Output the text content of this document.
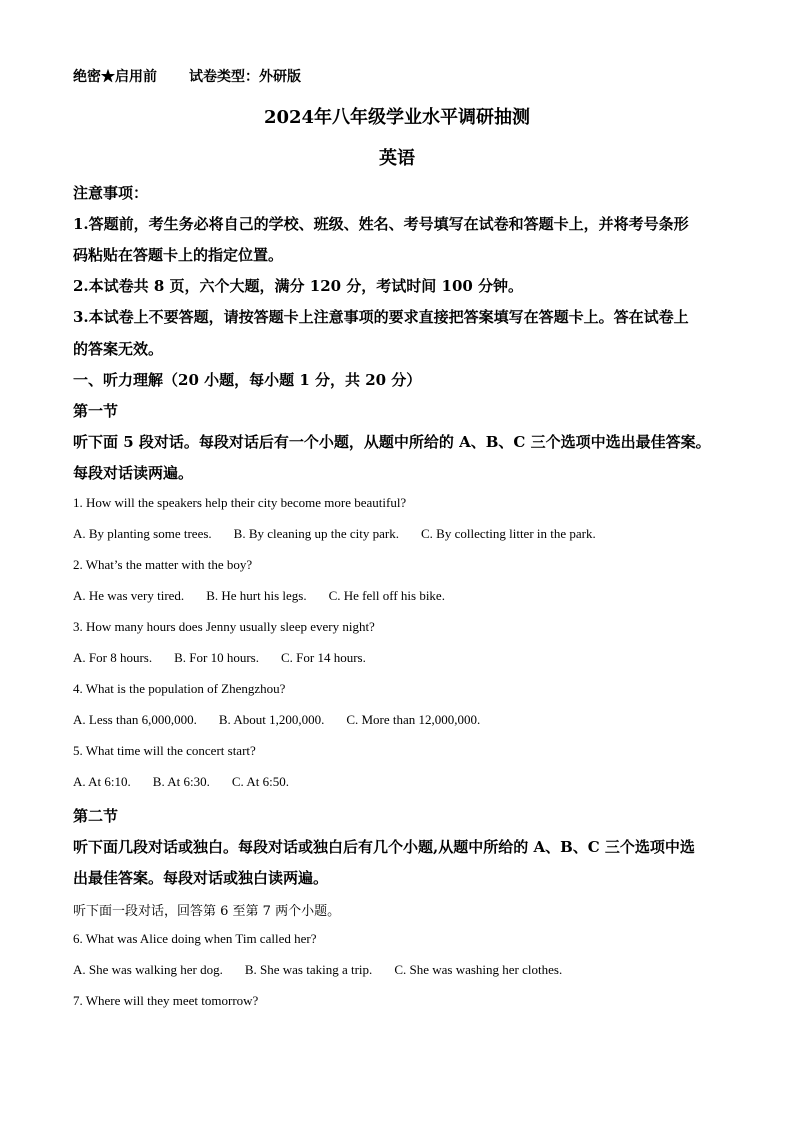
绝密★启用前 试卷类型：外研版
2024年八年级学业水平调研抽测
英语
注意事项：
1.答题前，考生务必将自己的学校、班级、姓名、考号填写在试卷和答题卡上，并将考号条形
码粘贴在答题卡上的指定位置。
2.本试卷共 8 页，六个大题，满分 120 分，考试时间 100 分钟。
3.本试卷上不要答题，请按答题卡上注意事项的要求直接把答案填写在答题卡上。答在试卷上
的答案无效。
一、听力理解（20 小题，每小题 1 分，共 20 分）
第一节
听下面 5 段对话。每段对话后有一个小题，从题中所给的 A、B、C 三个选项中选出最佳答案。
每段对话读两遍。
1. How will the speakers help their city become more beautiful?
A. By planting some trees. B. By cleaning up the city park. C. By collecting litter in the park.
2. What’s the matter with the boy?
A. He was very tired. B. He hurt his legs. C. He fell off his bike.
3. How many hours does Jenny usually sleep every night?
A. For 8 hours. B. For 10 hours. C. For 14 hours.
4. What is the population of Zhengzhou?
A. Less than 6,000,000. B. About 1,200,000. C. More than 12,000,000.
5. What time will the concert start?
A. At 6:10. B. At 6:30. C. At 6:50.
第二节
听下面几段对话或独白。每段对话或独白后有几个小题,从题中所给的 A、B、C 三个选项中选
出最佳答案。每段对话或独白读两遍。
听下面一段对话，回答第 6 至第 7 两个小题。
6. What was Alice doing when Tim called her?
A. She was walking her dog. B. She was taking a trip. C. She was washing her clothes.
7. Where will they meet tomorrow?
